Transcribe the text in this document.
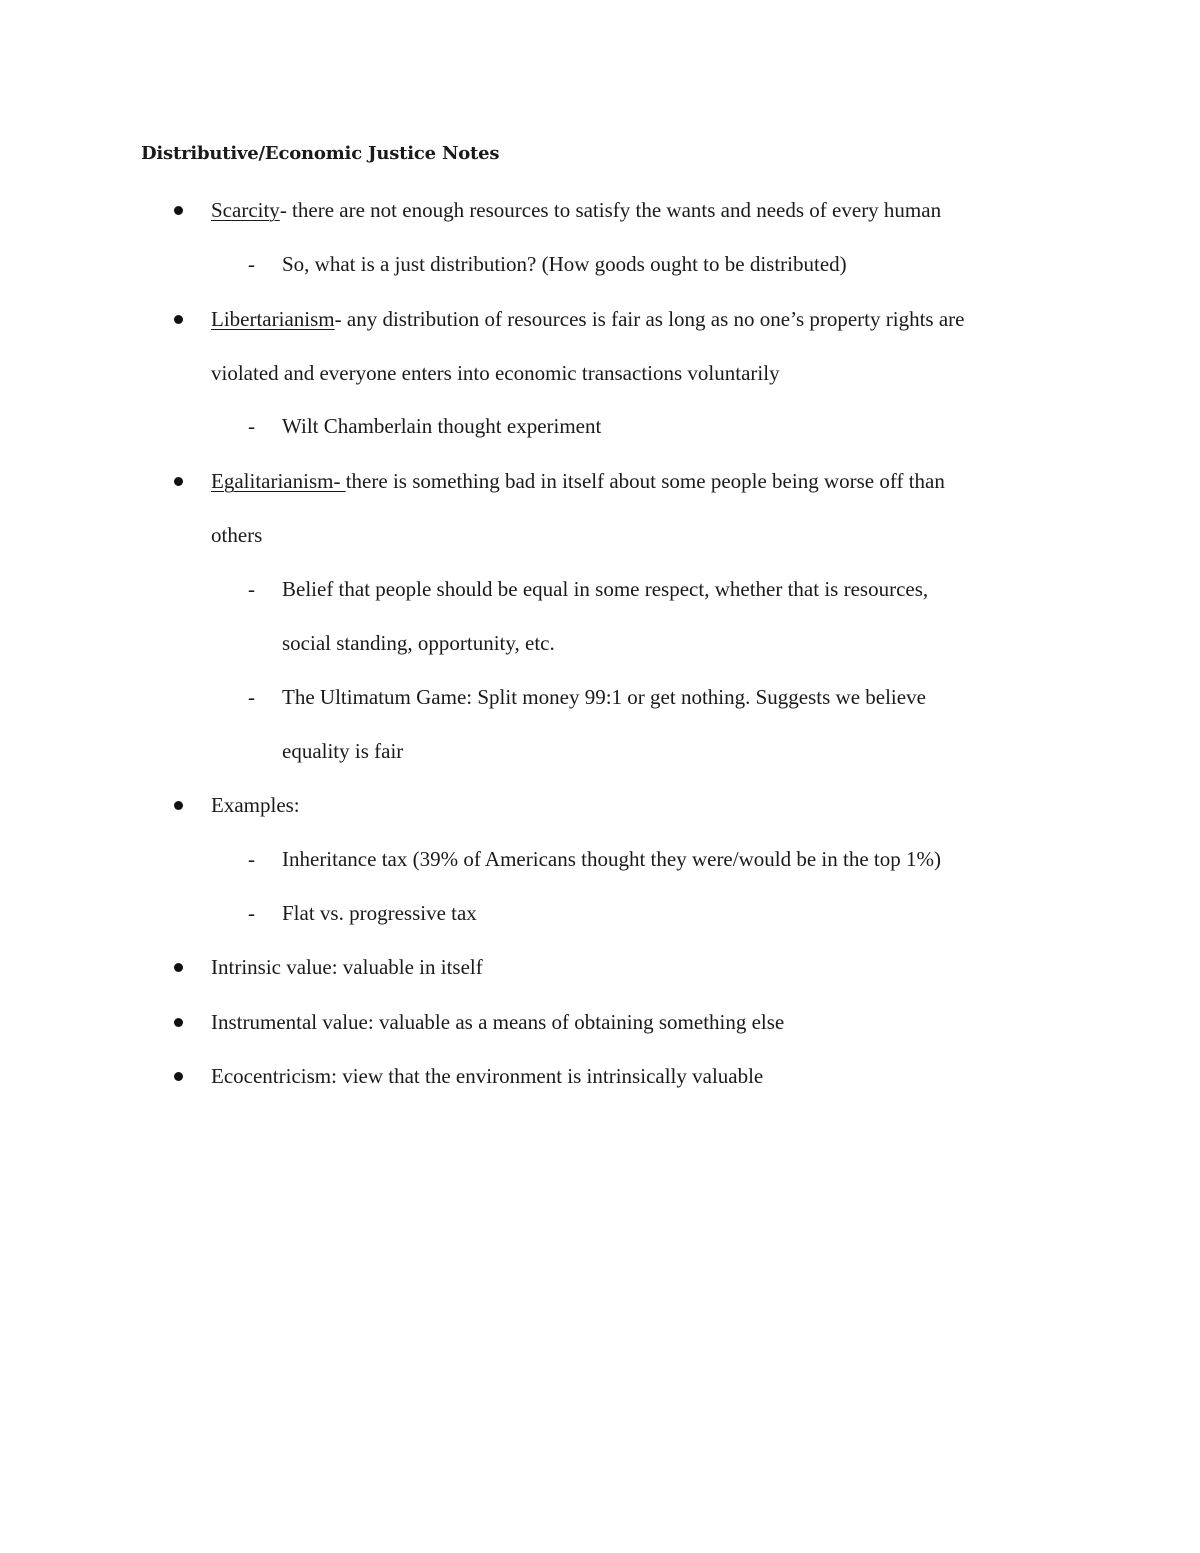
Distributive/Economic Justice Notes
Scarcity- there are not enough resources to satisfy the wants and needs of every human
- So, what is a just distribution? (How goods ought to be distributed)
Libertarianism- any distribution of resources is fair as long as no one’s property rights are
violated and everyone enters into economic transactions voluntarily
- Wilt Chamberlain thought experiment
Egalitarianism- there is something bad in itself about some people being worse off than
others
- Belief that people should be equal in some respect, whether that is resources,
social standing, opportunity, etc.
- The Ultimatum Game: Split money 99:1 or get nothing. Suggests we believe
equality is fair
Examples:
- Inheritance tax (39% of Americans thought they were/would be in the top 1%)
- Flat vs. progressive tax
Intrinsic value: valuable in itself
Instrumental value: valuable as a means of obtaining something else
Ecocentricism: view that the environment is intrinsically valuable
